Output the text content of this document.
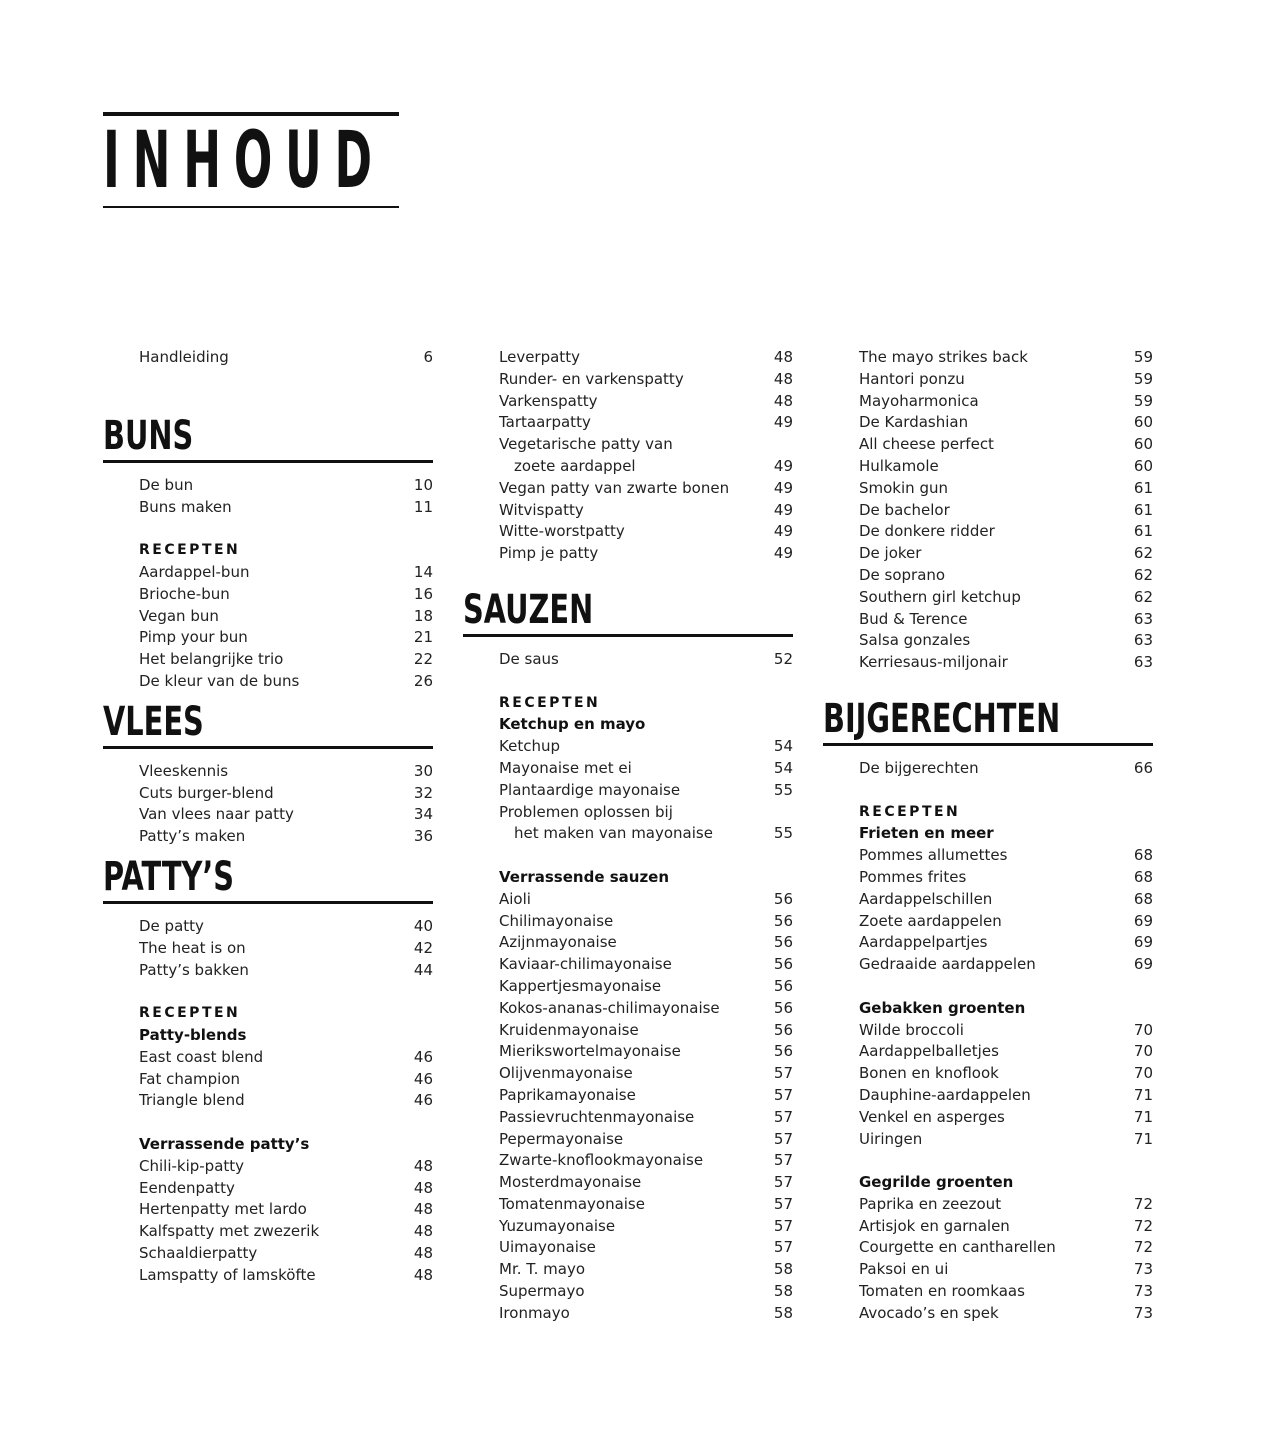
INHOUD
Handleiding	6
BUNS
De bun	10
Buns maken	11
RECEPTEN
Aardappel-bun	14
Brioche-bun	16
Vegan bun	18
Pimp your bun	21
Het belangrijke trio	22
De kleur van de buns	26
VLEES
Vleeskennis	30
Cuts burger-blend	32
Van vlees naar patty	34
Patty’s maken	36
PATTY’S
De patty	40
The heat is on	42
Patty’s bakken	44
RECEPTEN
Patty-blends
East coast blend	46
Fat champion	46
Triangle blend	46
Verrassende patty’s
Chili-kip-patty	48
Eendenpatty	48
Hertenpatty met lardo	48
Kalfspatty met zwezerik	48
Schaaldierpatty	48
Lamspatty of lamsköfte	48
Leverpatty	48
Runder- en varkenspatty	48
Varkenspatty	48
Tartaarpatty	49
Vegetarische patty van
zoete aardappel	49
Vegan patty van zwarte bonen	49
Witvispatty	49
Witte-worstpatty	49
Pimp je patty	49
SAUZEN
De saus	52
RECEPTEN
Ketchup en mayo
Ketchup	54
Mayonaise met ei	54
Plantaardige mayonaise	55
Problemen oplossen bij
het maken van mayonaise	55
Verrassende sauzen
Aioli	56
Chilimayonaise	56
Azijnmayonaise	56
Kaviaar-chilimayonaise	56
Kappertjesmayonaise	56
Kokos-ananas-chilimayonaise	56
Kruidenmayonaise	56
Mierikswortelmayonaise	56
Olijvenmayonaise	57
Paprikamayonaise	57
Passievruchtenmayonaise	57
Pepermayonaise	57
Zwarte-knoflookmayonaise	57
Mosterdmayonaise	57
Tomatenmayonaise	57
Yuzumayonaise	57
Uimayonaise	57
Mr. T. mayo	58
Supermayo	58
Ironmayo	58
The mayo strikes back	59
Hantori ponzu	59
Mayoharmonica	59
De Kardashian	60
All cheese perfect	60
Hulkamole	60
Smokin gun	61
De bachelor	61
De donkere ridder	61
De joker	62
De soprano	62
Southern girl ketchup	62
Bud & Terence	63
Salsa gonzales	63
Kerriesaus-miljonair	63
BIJGERECHTEN
De bijgerechten	66
RECEPTEN
Frieten en meer
Pommes allumettes	68
Pommes frites	68
Aardappelschillen	68
Zoete aardappelen	69
Aardappelpartjes	69
Gedraaide aardappelen	69
Gebakken groenten
Wilde broccoli	70
Aardappelballetjes	70
Bonen en knoflook	70
Dauphine-aardappelen	71
Venkel en asperges	71
Uiringen	71
Gegrilde groenten
Paprika en zeezout	72
Artisjok en garnalen	72
Courgette en cantharellen	72
Paksoi en ui	73
Tomaten en roomkaas	73
Avocado’s en spek	73
